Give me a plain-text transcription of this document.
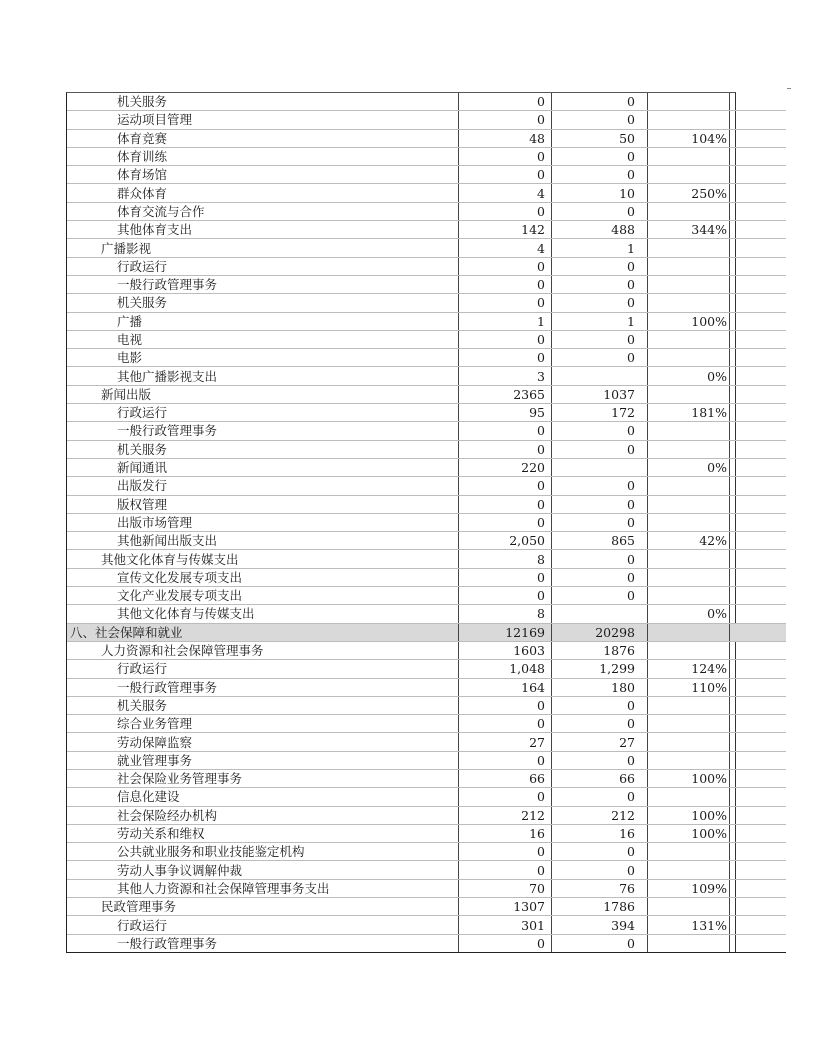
机关服务	0	0		
运动项目管理	0	0		
体育竞赛	48	50	104%	
体育训练	0	0		
体育场馆	0	0		
群众体育	4	10	250%	
体育交流与合作	0	0		
其他体育支出	142	488	344%	
广播影视	4	1		
行政运行	0	0		
一般行政管理事务	0	0		
机关服务	0	0		
广播	1	1	100%	
电视	0	0		
电影	0	0		
其他广播影视支出	3		0%	
新闻出版	2365	1037		
行政运行	95	172	181%	
一般行政管理事务	0	0		
机关服务	0	0		
新闻通讯	220		0%	
出版发行	0	0		
版权管理	0	0		
出版市场管理	0	0		
其他新闻出版支出	2,050	865	42%	
其他文化体育与传媒支出	8	0		
宣传文化发展专项支出	0	0		
文化产业发展专项支出	0	0		
其他文化体育与传媒支出	8		0%	
八、社会保障和就业	12169	20298		
人力资源和社会保障管理事务	1603	1876		
行政运行	1,048	1,299	124%	
一般行政管理事务	164	180	110%	
机关服务	0	0		
综合业务管理	0	0		
劳动保障监察	27	27		
就业管理事务	0	0		
社会保险业务管理事务	66	66	100%	
信息化建设	0	0		
社会保险经办机构	212	212	100%	
劳动关系和维权	16	16	100%	
公共就业服务和职业技能鉴定机构	0	0		
劳动人事争议调解仲裁	0	0		
其他人力资源和社会保障管理事务支出	70	76	109%	
民政管理事务	1307	1786		
行政运行	301	394	131%	
一般行政管理事务	0	0		
